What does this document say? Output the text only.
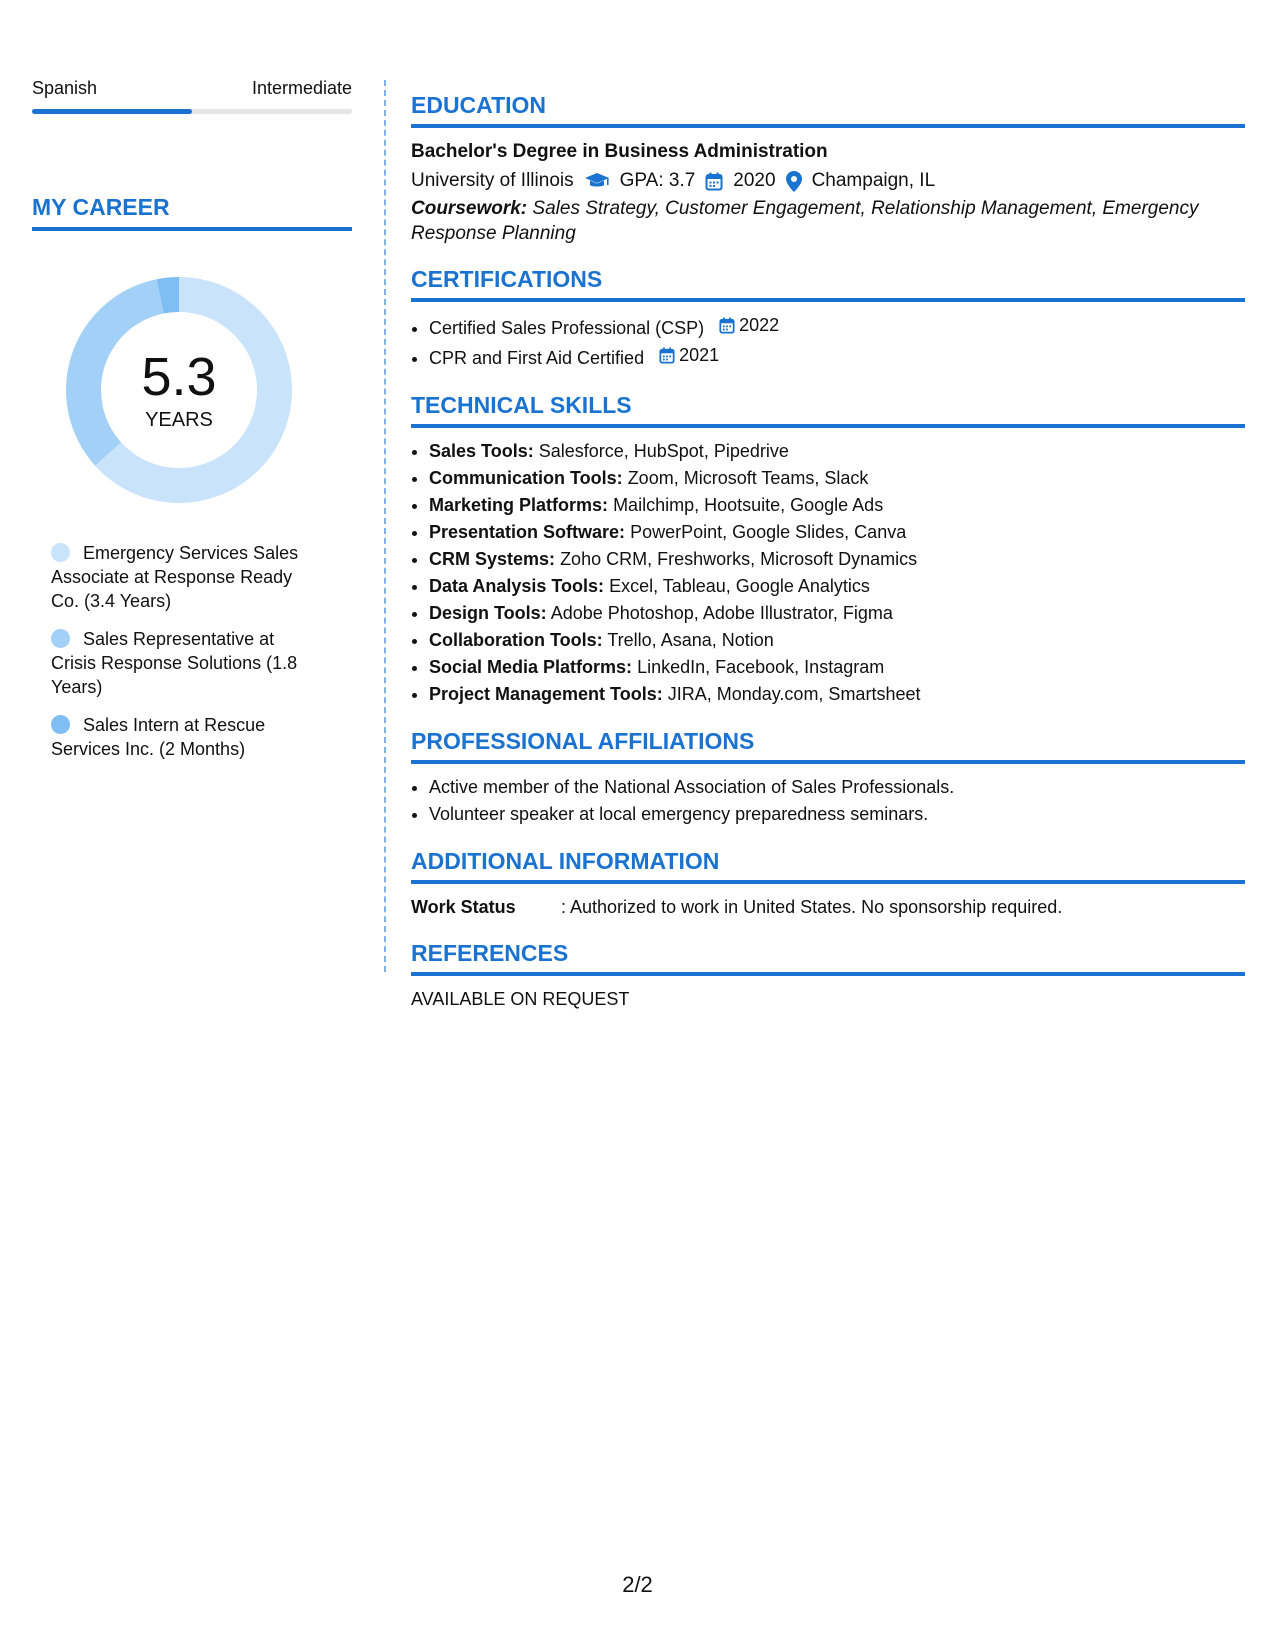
Spanish	Intermediate
MY CAREER
5.3
YEARS
Emergency Services Sales Associate at Response Ready Co. (3.4 Years)
Sales Representative at Crisis Response Solutions (1.8 Years)
Sales Intern at Rescue Services Inc. (2 Months)
EDUCATION
Bachelor's Degree in Business Administration
University of Illinois GPA: 3.7 2020 Champaign, IL
Coursework: Sales Strategy, Customer Engagement, Relationship Management, Emergency Response Planning
CERTIFICATIONS
• Certified Sales Professional (CSP) 2022
• CPR and First Aid Certified 2021
TECHNICAL SKILLS
• Sales Tools: Salesforce, HubSpot, Pipedrive
• Communication Tools: Zoom, Microsoft Teams, Slack
• Marketing Platforms: Mailchimp, Hootsuite, Google Ads
• Presentation Software: PowerPoint, Google Slides, Canva
• CRM Systems: Zoho CRM, Freshworks, Microsoft Dynamics
• Data Analysis Tools: Excel, Tableau, Google Analytics
• Design Tools: Adobe Photoshop, Adobe Illustrator, Figma
• Collaboration Tools: Trello, Asana, Notion
• Social Media Platforms: LinkedIn, Facebook, Instagram
• Project Management Tools: JIRA, Monday.com, Smartsheet
PROFESSIONAL AFFILIATIONS
• Active member of the National Association of Sales Professionals.
• Volunteer speaker at local emergency preparedness seminars.
ADDITIONAL INFORMATION
Work Status	: Authorized to work in United States. No sponsorship required.
REFERENCES
AVAILABLE ON REQUEST
2/2
